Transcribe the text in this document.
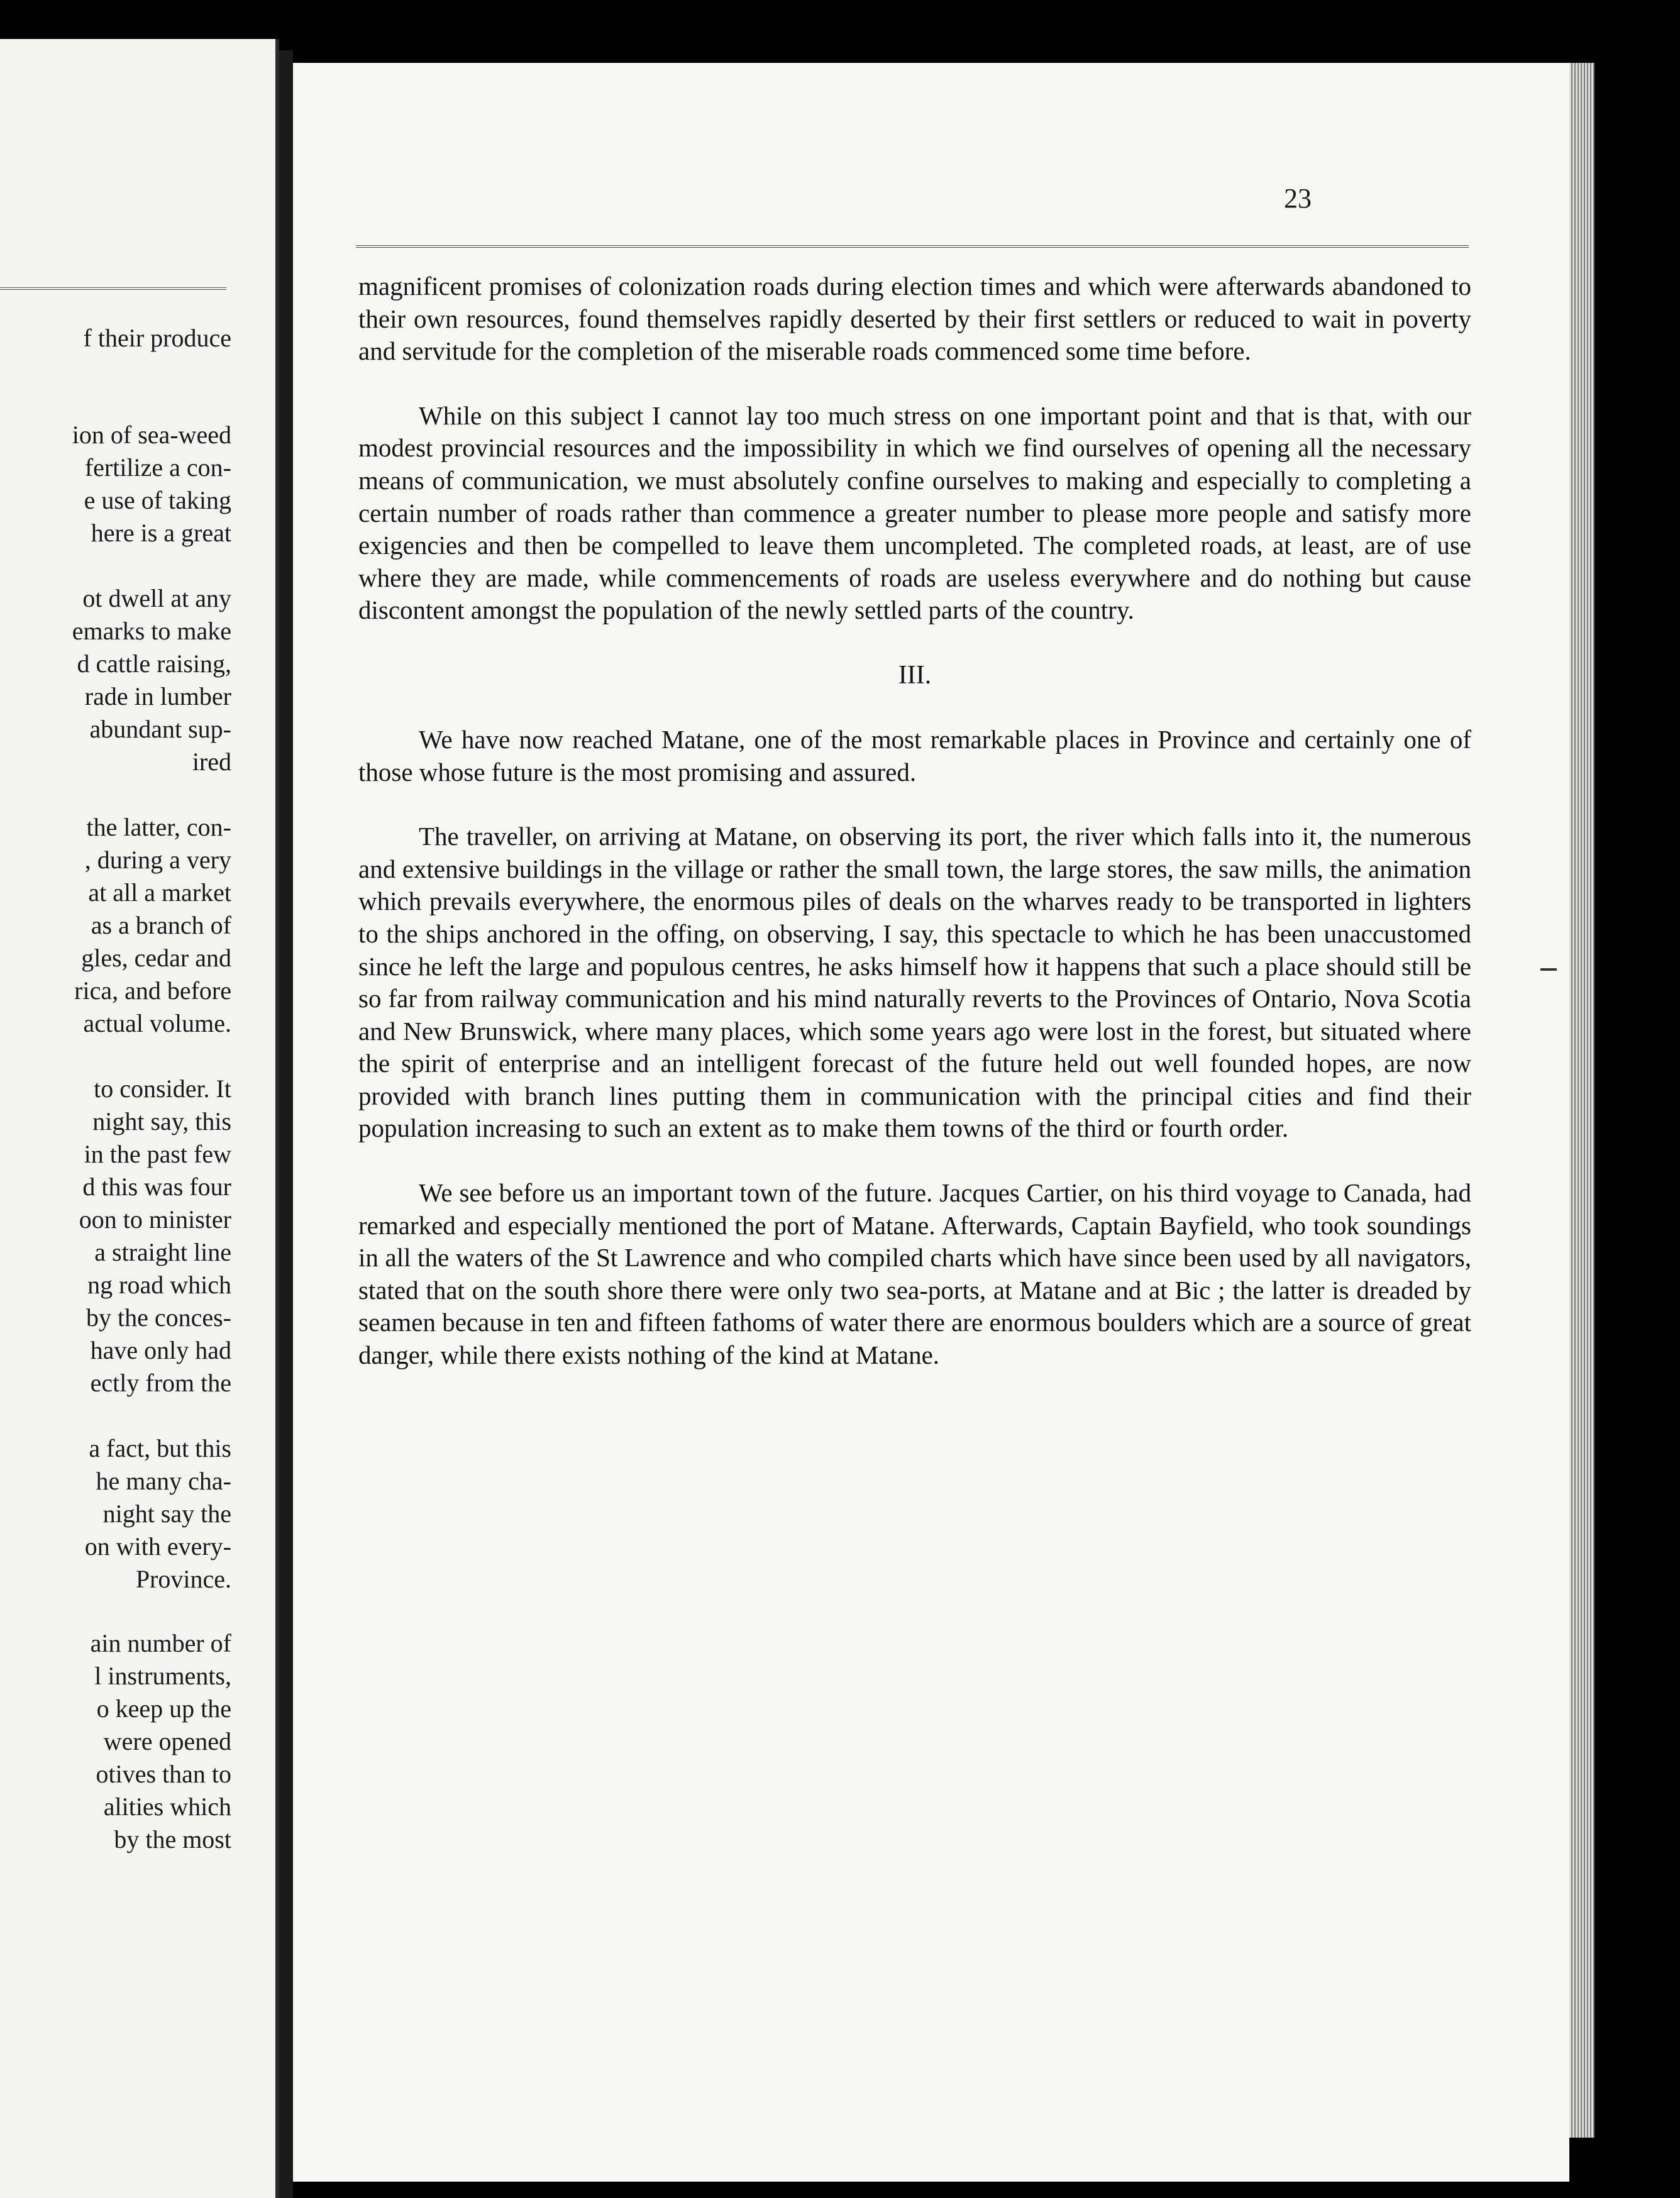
f their produce
ion of sea-weed
fertilize a con-
e use of taking
here is a great
ot dwell at any
emarks to make
d cattle raising,
rade in lumber
abundant sup-
ired
the latter, con-
, during a very
at all a market
as a branch of
gles, cedar and
rica, and before
actual volume.
to consider. It
night say, this
in the past few
d this was four
oon to minister
a straight line
ng road which
by the conces-
have only had
ectly from the
a fact, but this
he many cha-
night say the
on with every-
Province.
ain number of
l instruments,
o keep up the
were opened
otives than to
alities which
by the most
23

magnificent promises of colonization roads during election times and which were afterwards abandoned to their own resources, found themselves rapidly deserted by their first settlers or reduced to wait in poverty and servitude for the completion of the miserable roads commenced some time before.

While on this subject I cannot lay too much stress on one important point and that is that, with our modest provincial resources and the impossibility in which we find ourselves of opening all the necessary means of communication, we must absolutely confine ourselves to making and especially to completing a certain number of roads rather than commence a greater number to please more people and satisfy more exigencies and then be compelled to leave them uncompleted. The completed roads, at least, are of use where they are made, while commencements of roads are useless everywhere and do nothing but cause discontent amongst the population of the newly settled parts of the country.

III.

We have now reached Matane, one of the most remarkable places in Province and certainly one of those whose future is the most promising and assured.

The traveller, on arriving at Matane, on observing its port, the river which falls into it, the numerous and extensive buildings in the village or rather the small town, the large stores, the saw mills, the animation which prevails everywhere, the enormous piles of deals on the wharves ready to be transported in lighters to the ships anchored in the offing, on observing, I say, this spectacle to which he has been unaccustomed since he left the large and populous centres, he asks himself how it happens that such a place should still be so far from railway communication and his mind naturally reverts to the Provinces of Ontario, Nova Scotia and New Brunswick, where many places, which some years ago were lost in the forest, but situated where the spirit of enterprise and an intelligent forecast of the future held out well founded hopes, are now provided with branch lines putting them in communication with the principal cities and find their population increasing to such an extent as to make them towns of the third or fourth order.

We see before us an important town of the future. Jacques Cartier, on his third voyage to Canada, had remarked and especially mentioned the port of Matane. Afterwards, Captain Bayfield, who took soundings in all the waters of the St Lawrence and who compiled charts which have since been used by all navigators, stated that on the south shore there were only two sea-ports, at Matane and at Bic ; the latter is dreaded by seamen because in ten and fifteen fathoms of water there are enormous boulders which are a source of great danger, while there exists nothing of the kind at Matane.
